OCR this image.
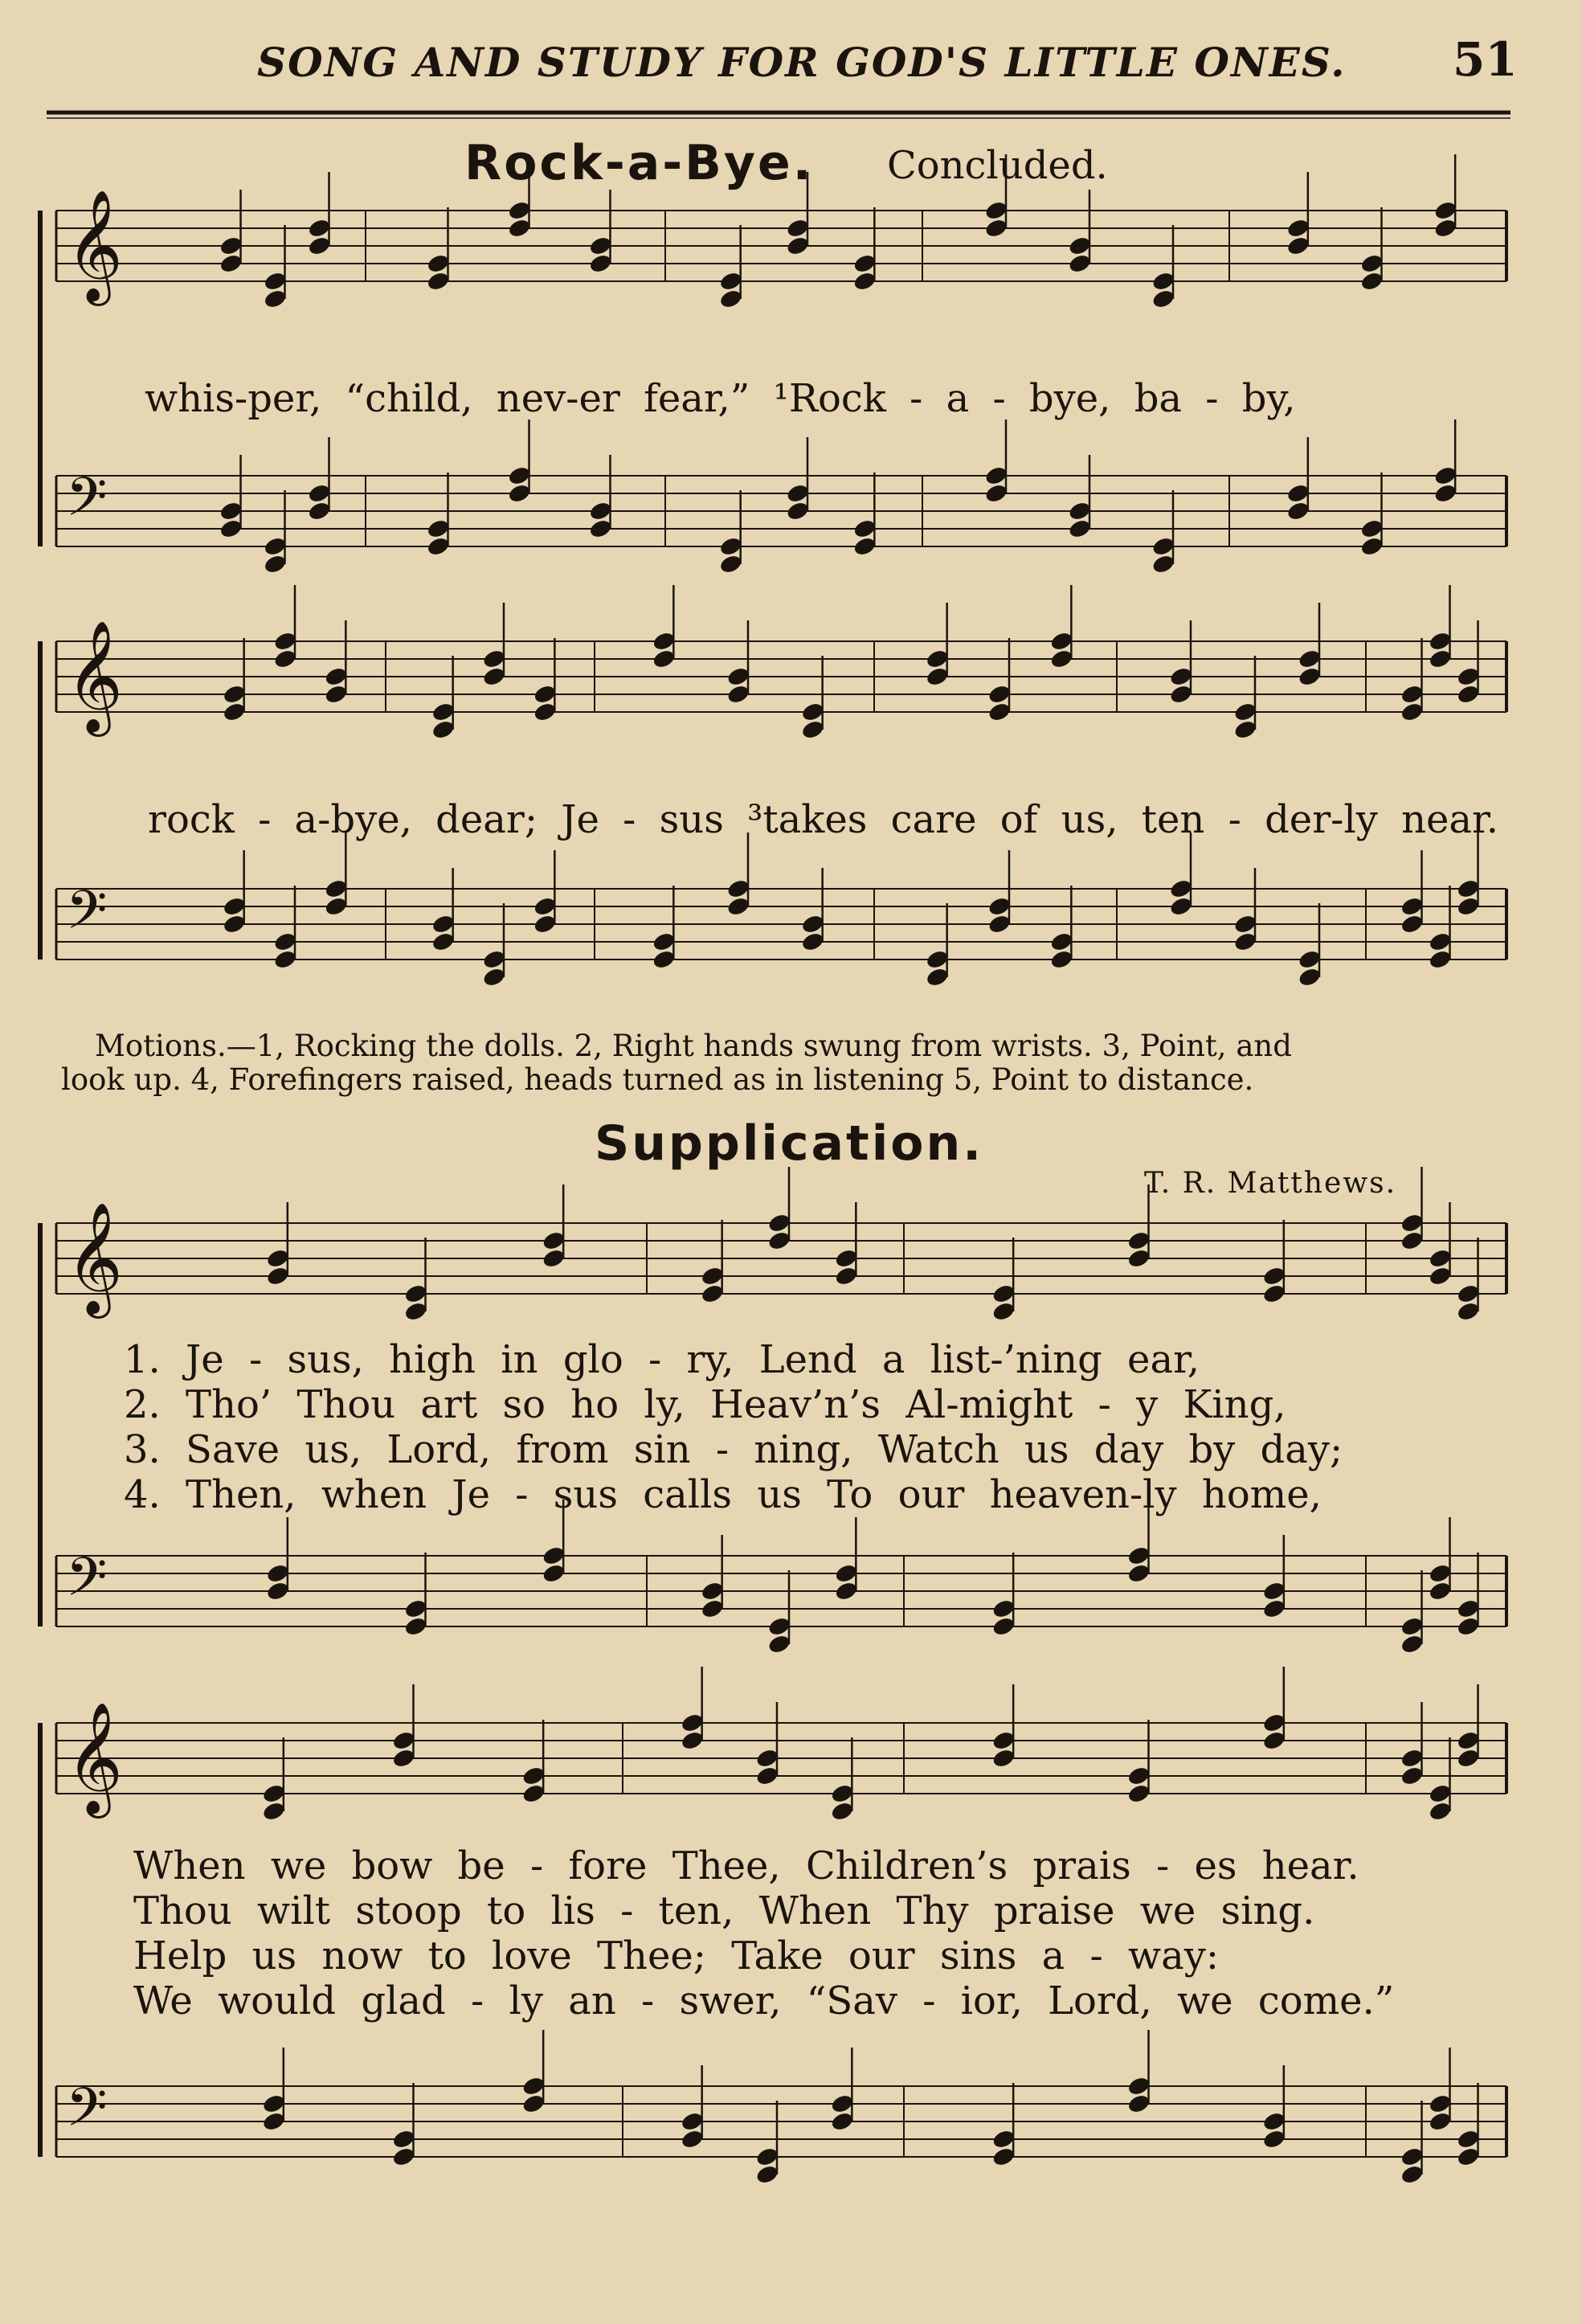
SONG AND STUDY FOR GOD'S LITTLE ONES. 51
𝄞
𝄢
𝄞
𝄢
𝄞
𝄢
𝄞
𝄢
Rock-a-Bye. Concluded.
whis-per, “child, nev-er fear,” ¹Rock - a - bye, ba - by,
rock - a-bye, dear; Je - sus ³takes care of us, ten - der-ly near.
Motions.—1, Rocking the dolls. 2, Right hands swung from wrists. 3, Point, and
look up. 4, Forefingers raised, heads turned as in listening 5, Point to distance.
Supplication.
T. R. Matthews.
1. Je - sus, high in glo - ry, Lend a list-’ning ear,
2. Tho’ Thou art so ho ly, Heav’n’s Al-might - y King,
3. Save us, Lord, from sin - ning, Watch us day by day;
4. Then, when Je - sus calls us To our heaven-ly home,
When we bow be - fore Thee, Children’s prais - es hear.
Thou wilt stoop to lis - ten, When Thy praise we sing.
Help us now to love Thee; Take our sins a - way:
We would glad - ly an - swer, “Sav - ior, Lord, we come.”
